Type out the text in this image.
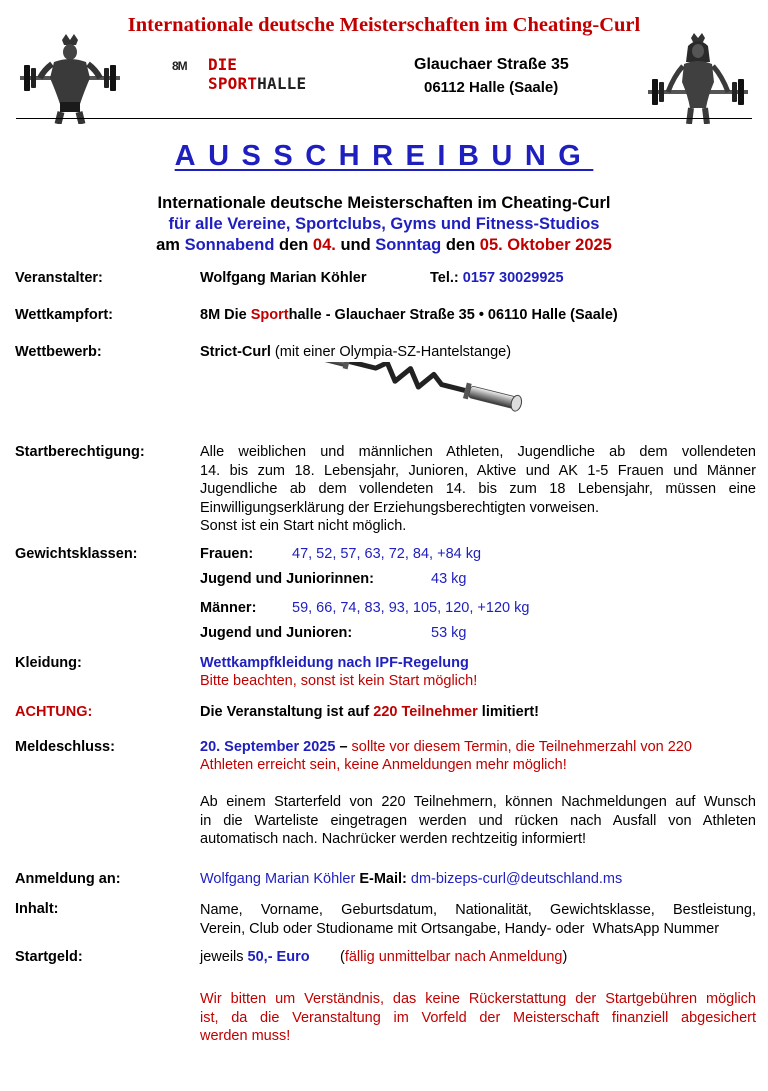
Internationale deutsche Meisterschaften im Cheating-Curl
8M DIE
SPORTHALLE
Glauchaer Straße 35
06112 Halle (Saale)
AUSSCHREIBUNG
Internationale deutsche Meisterschaften im Cheating-Curl
für alle Vereine, Sportclubs, Gyms und Fitness-Studios
am Sonnabend den 04. und Sonntag den 05. Oktober 2025
Veranstalter:	Wolfgang Marian Köhler	Tel.: 0157 30029925
Wettkampfort:	8M Die Sporthalle - Glauchaer Straße 35 • 06110 Halle (Saale)
Wettbewerb:	Strict-Curl (mit einer Olympia-SZ-Hantelstange)
Startberechtigung:	Alle weiblichen und männlichen Athleten, Jugendliche ab dem vollendeten
14. bis zum 18. Lebensjahr, Junioren, Aktive und AK 1-5 Frauen und Männer
Jugendliche ab dem vollendeten 14. bis zum 18 Lebensjahr, müssen eine
Einwilligungserklärung der Erziehungsberechtigten vorweisen.
Sonst ist ein Start nicht möglich.
Gewichtsklassen:	Frauen:	47, 52, 57, 63, 72, 84, +84 kg
Jugend und Juniorinnen:	43 kg
Männer: 59, 66, 74, 83, 93, 105, 120, +120 kg
Jugend und Junioren:	53 kg
Kleidung:	Wettkampfkleidung nach IPF-Regelung
Bitte beachten, sonst ist kein Start möglich!
ACHTUNG:	Die Veranstaltung ist auf 220 Teilnehmer limitiert!
Meldeschluss:	20. September 2025 – sollte vor diesem Termin, die Teilnehmerzahl von 220
Athleten erreicht sein, keine Anmeldungen mehr möglich!
Ab einem Starterfeld von 220 Teilnehmern, können Nachmeldungen auf Wunsch
in die Warteliste eingetragen werden und rücken nach Ausfall von Athleten
automatisch nach. Nachrücker werden rechtzeitig informiert!
Anmeldung an:	Wolfgang Marian Köhler E-Mail: dm-bizeps-curl@deutschland.ms
Inhalt:	Name, Vorname, Geburtsdatum, Nationalität, Gewichtsklasse, Bestleistung,
Verein, Club oder Studioname mit Ortsangabe, Handy- oder  WhatsApp Nummer
Startgeld:	jeweils 50,- Euro (fällig unmittelbar nach Anmeldung)
Wir bitten um Verständnis, das keine Rückerstattung der Startgebühren möglich
ist, da die Veranstaltung im Vorfeld der Meisterschaft finanziell abgesichert
werden muss!
